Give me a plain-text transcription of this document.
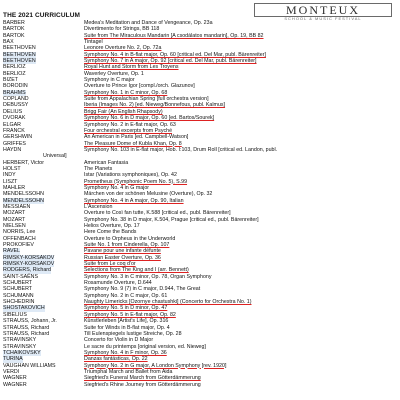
MONTEUX
SCHOOL & MUSIC FESTIVAL
THE 2021 CURRICULUM
BARBER	Medea's Meditation and Dance of Vengeance, Op. 23a
BARTOK	Divertimento for Strings, BB 118
BARTOK	Suite from The Miraculous Mandarin [A csodálatos mandarin], Op. 19, BB 82
BAX	Tintagel
BEETHOVEN	Leonore Overture No. 2, Op. 72a
BEETHOVEN	Symphony No. 4 in B-flat major, Op. 60 [critical ed. Del Mar, publ. Bärenreiter]
BEETHOVEN	Symphony No. 7 in A major, Op. 92 [critical ed. Del Mar, publ. Bärenreiter]
BERLIOZ	Royal Hunt and Storm from Les Troyens
BERLIOZ	Waverley Overture, Op. 1
BIZET	Symphony in C major
BORODIN	Overture to Prince Igor [compl./orch. Glazunov]
BRAHMS	Symphony No. 1 in C minor, Op. 68
COPLAND	Suite from Appalachian Spring [full orchestra version]
DEBUSSY	Iberia (Images No. 2) [ed. Nieweg/Bonnefous, publ. Kalmus]
DELIUS	Brigg Fair (An English Rhapsody)
DVORAK	Symphony No. 6 in D major, Op. 60 [ed. Bartos/Sourek]
ELGAR	Symphony No. 2 in E-flat major, Op. 63
FRANCK	Four orchestral excerpts from Psyché
GERSHWIN	An American in Paris [ed. Campbell-Watson]
GRIFFES	The Pleasure Dome of Kubla Khan, Op. 8
HAYDN	Symphony No. 103 in E-flat major, Hob. I:103, Drum Roll [critical ed. Landon, publ.
Universal]
HERBERT, Victor	American Fantasia
HOLST	The Planets
INDY	Istar (Variations symphoniques), Op. 42
LISZT	Prometheus (Symphonic Poem No. 5), S.99
MAHLER	Symphony No. 4 in G major
MENDELSSOHN	Märchen von der schönen Melusine (Overture), Op. 32
MENDELSSOHN	Symphony No. 4 in A major, Op. 90, Italian
MESSIAEN	L'Ascension
MOZART	Overture to Così fan tutte, K.588 [critical ed., publ. Bärenreiter]
MOZART	Symphony No. 38 in D major, K.504, Prague [critical ed., publ. Bärenreiter]
NIELSEN	Helios Overture, Op. 17
NORRIS, Lee	Here Come the Bands
OFFENBACH	Overture to Orpheus in the Underworld
PROKOFIEV	Suite No. 1 from Cinderella, Op. 107
RAVEL	Pavane pour une infante défunte
RIMSKY-KORSAKOV	Russian Easter Overture, Op. 36
RIMSKY-KORSAKOV	Suite from Le coq d'or
RODGERS, Richard	Selections from The King and I (arr. Bennett)
SAINT-SAËNS	Symphony No. 3 in C minor, Op. 78, Organ Symphony
SCHUBERT	Rosamunde Overture, D.644
SCHUBERT	Symphony No. 9 (7) in C major, D.944, The Great
SCHUMANN	Symphony No. 2 in C major, Op. 61
SHCHEDRIN	Naughty Limericks [Ozornye chastushki] (Concerto for Orchestra No. 1)
SHOSTAKOVICH	Symphony No. 5 in D minor, Op. 47
SIBELIUS	Symphony No. 5 in E-flat major, Op. 82
STRAUSS, Johann, Jr.	Künstlerleben [Artist's Life], Op. 316
STRAUSS, Richard	Suite for Winds in B-flat major, Op. 4
STRAUSS, Richard	Till Eulenspiegels lustige Streiche, Op. 28
STRAVINSKY	Concerto for Violin in D Major
STRAVINSKY	Le sacre du printemps [original version, ed. Nieweg]
TCHAIKOVSKY	Symphony No. 4 in F minor, Op. 36
TURINA	Danzas fantásticas, Op. 22
VAUGHAN WILLIAMS	Symphony No. 2 in G major, A London Symphony [rev. 1920]
VERDI	Triumphal March and Ballet from Aida
WAGNER	Siegfried's Funeral March from Götterdämmerung
WAGNER	Siegfried's Rhine Journey from Götterdämmerung
